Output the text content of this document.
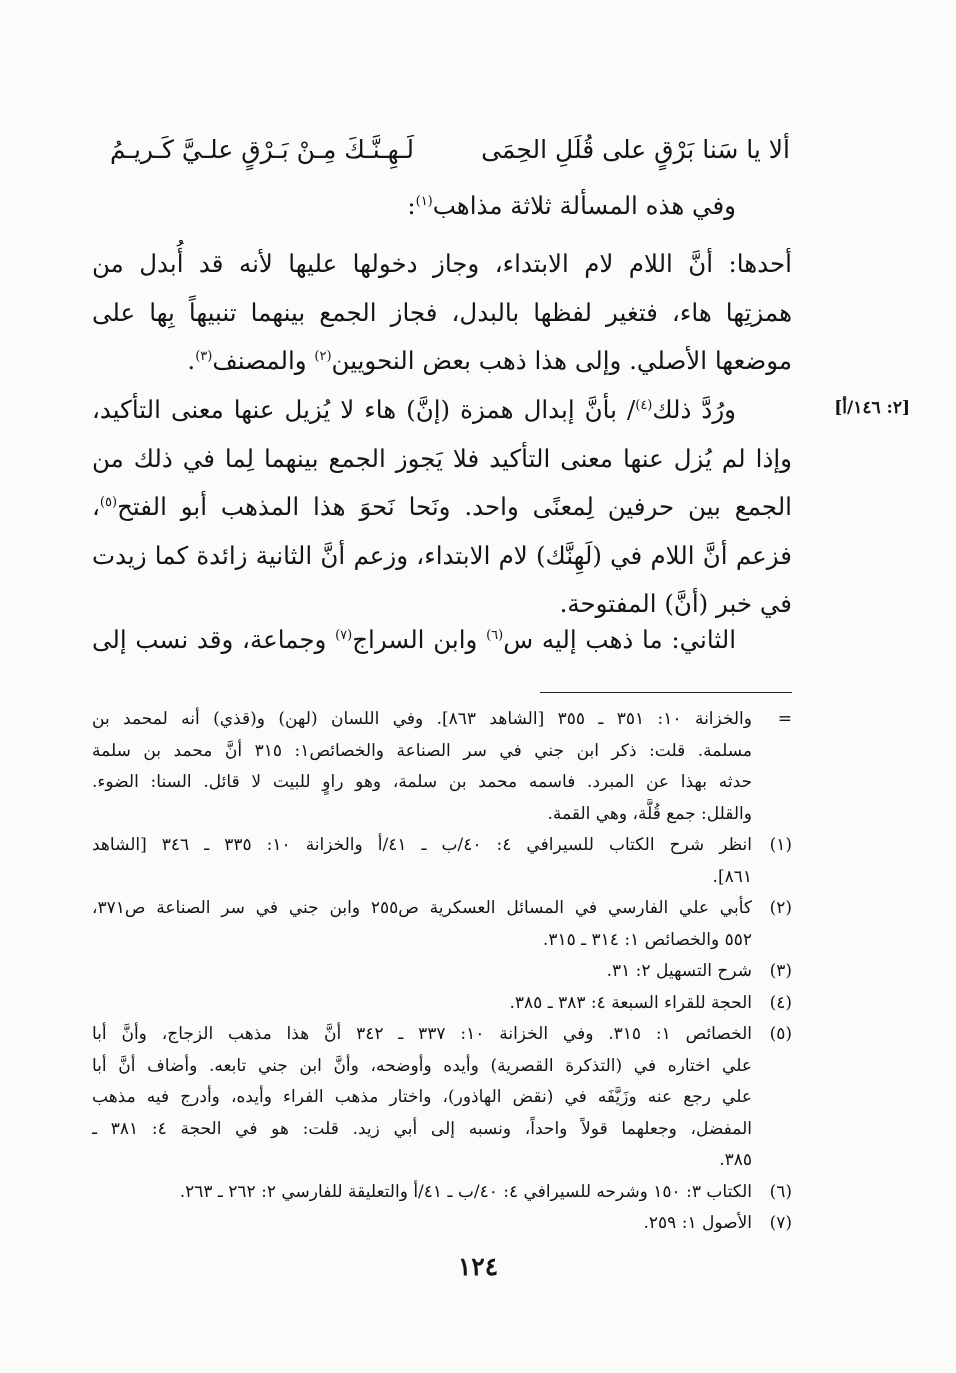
ألا يا سَنا بَرْقٍ على قُلَلِ الحِمَى
لَـهِـنَّـكَ مِـنْ بَـرْقٍ علـيَّ كَـريـمُ
وفي هذه المسألة ثلاثة مذاهب$^{(١)}$:
أحدها: أنَّ اللام لام الابتداء، وجاز دخولها عليها لأنه قد أُبدل من
همزتِها هاء، فتغير لفظها بالبدل، فجاز الجمع بينهما تنبيهاً بِها على
موضعها الأصلي. وإلى هذا ذهب بعض النحويين$^{(٢)}$ والمصنف$^{(٣)}$.
[٢: ١٤٦/أ]
ورُدَّ ذلك$^{(٤)}$/ بأنَّ إبدال همزة (إنَّ) هاء لا يُزيل عنها معنى التأكيد،
وإذا لم يُزل عنها معنى التأكيد فلا يَجوز الجمع بينهما لِما في ذلك من
الجمع بين حرفين لِمعنًى واحد. ونَحا نَحوَ هذا المذهب أبو الفتح$^{(٥)}$،
فزعم أنَّ اللام في (لَهِنَّك) لام الابتداء، وزعم أنَّ الثانية زائدة كما زيدت
في خبر (أنَّ) المفتوحة.
الثاني: ما ذهب إليه س$^{(٦)}$ وابن السراج$^{(٧)}$ وجماعة، وقد نسب إلى
=
والخزانة ١٠: ٣٥١ ـ ٣٥٥ [الشاهد ٨٦٣]. وفي اللسان (لهن) و(قذي) أنه لمحمد بن
مسلمة. قلت: ذكر ابن جني في سر الصناعة والخصائص١: ٣١٥ أنَّ محمد بن سلمة
حدثه بهذا عن المبرد. فاسمه محمد بن سلمة، وهو راوٍ للبيت لا قائل. السنا: الضوء.
والقلل: جمع قُلَّة، وهي القمة.
(١)
انظر شرح الكتاب للسيرافي ٤: ٤٠/ب ـ ٤١/أ والخزانة ١٠: ٣٣٥ ـ ٣٤٦ [الشاهد
٨٦١].
(٢)
كأبي علي الفارسي في المسائل العسكرية ص٢٥٥ وابن جني في سر الصناعة ص٣٧١،
٥٥٢ والخصائص ١: ٣١٤ ـ ٣١٥.
(٣)
شرح التسهيل ٢: ٣١.
(٤)
الحجة للقراء السبعة ٤: ٣٨٣ ـ ٣٨٥.
(٥)
الخصائص ١: ٣١٥. وفي الخزانة ١٠: ٣٣٧ ـ ٣٤٢ أنَّ هذا مذهب الزجاج، وأنَّ أبا
علي اختاره في (التذكرة القصرية) وأيده وأوضحه، وأنَّ ابن جني تابعه. وأضاف أنَّ أبا
علي رجع عنه وزَيَّفَه في (نقض الهاذور)، واختار مذهب الفراء وأيده، وأدرج فيه مذهب
المفضل، وجعلهما قولاً واحداً، ونسبه إلى أبي زيد. قلت: هو في الحجة ٤: ٣٨١ ـ
٣٨٥.
(٦)
الكتاب ٣: ١٥٠ وشرحه للسيرافي ٤: ٤٠/ب ـ ٤١/أ والتعليقة للفارسي ٢: ٢٦٢ ـ ٢٦٣.
(٧)
الأصول ١: ٢٥٩.
١٢٤
